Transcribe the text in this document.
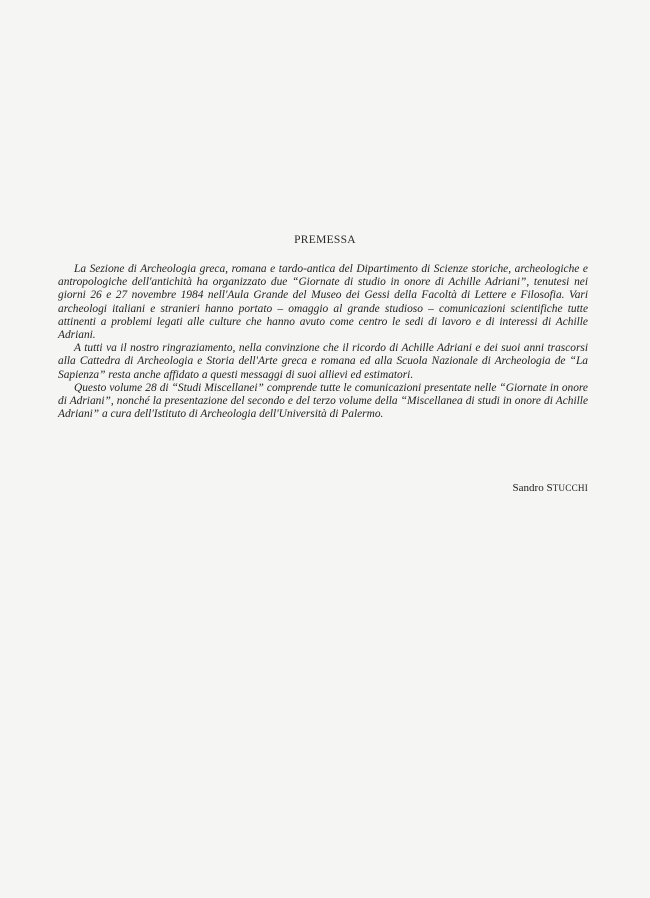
PREMESSA

La Sezione di Archeologia greca, romana e tardo-antica del Dipartimento di Scienze storiche, archeologiche e antropologiche dell'antichità ha organizzato due “Giornate di studio in onore di Achille Adriani”, tenutesi nei giorni 26 e 27 novembre 1984 nell'Aula Grande del Museo dei Gessi della Facoltà di Lettere e Filosofia. Vari archeologi italiani e stranieri hanno portato – omaggio al grande studioso – comunicazioni scientifiche tutte attinenti a problemi legati alle culture che hanno avuto come centro le sedi di lavoro e di interessi di Achille Adriani.

A tutti va il nostro ringraziamento, nella convinzione che il ricordo di Achille Adriani e dei suoi anni trascorsi alla Cattedra di Archeologia e Storia dell'Arte greca e romana ed alla Scuola Nazionale di Archeologia de “La Sapienza” resta anche affidato a questi messaggi di suoi allievi ed estimatori.

Questo volume 28 di “Studi Miscellanei” comprende tutte le comunicazioni presentate nelle “Giornate in onore di Adriani”, nonché la presentazione del secondo e del terzo volume della “Miscellanea di studi in onore di Achille Adriani” a cura dell'Istituto di Archeologia dell'Università di Palermo.

Sandro STUCCHI
